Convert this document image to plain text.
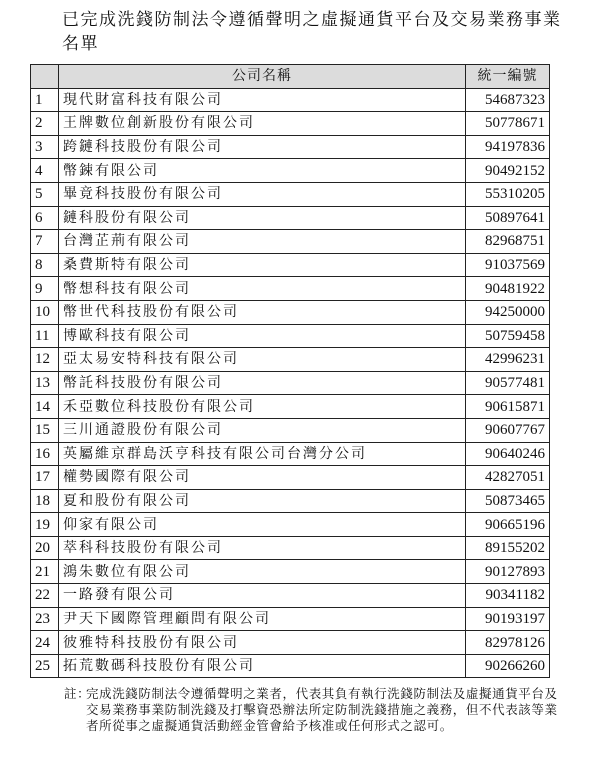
已完成洗錢防制法令遵循聲明之虛擬通貨平台及交易業務事業名單
	公司名稱	統一編號
1	現代財富科技有限公司	54687323
2	王牌數位創新股份有限公司	50778671
3	跨鏈科技股份有限公司	94197836
4	幣鋉有限公司	90492152
5	畢竟科技股份有限公司	55310205
6	鏈科股份有限公司	50897641
7	台灣芷荊有限公司	82968751
8	桑費斯特有限公司	91037569
9	幣想科技有限公司	90481922
10	幣世代科技股份有限公司	94250000
11	博歐科技有限公司	50759458
12	亞太易安特科技有限公司	42996231
13	幣託科技股份有限公司	90577481
14	禾亞數位科技股份有限公司	90615871
15	三川通證股份有限公司	90607767
16	英屬維京群島沃亨科技有限公司台灣分公司	90640246
17	權勢國際有限公司	42827051
18	夏和股份有限公司	50873465
19	仰家有限公司	90665196
20	萃科科技股份有限公司	89155202
21	鴻朱數位有限公司	90127893
22	一路發有限公司	90341182
23	尹天下國際管理顧問有限公司	90193197
24	彼雅特科技股份有限公司	82978126
25	拓荒數碼科技股份有限公司	90266260
註：
完成洗錢防制法令遵循聲明之業者，代表其負有執行洗錢防制法及虛擬通貨平台及交易業務事業防制洗錢及打擊資恐辦法所定防制洗錢措施之義務，但不代表該等業者所從事之虛擬通貨活動經金管會給予核准或任何形式之認可。
